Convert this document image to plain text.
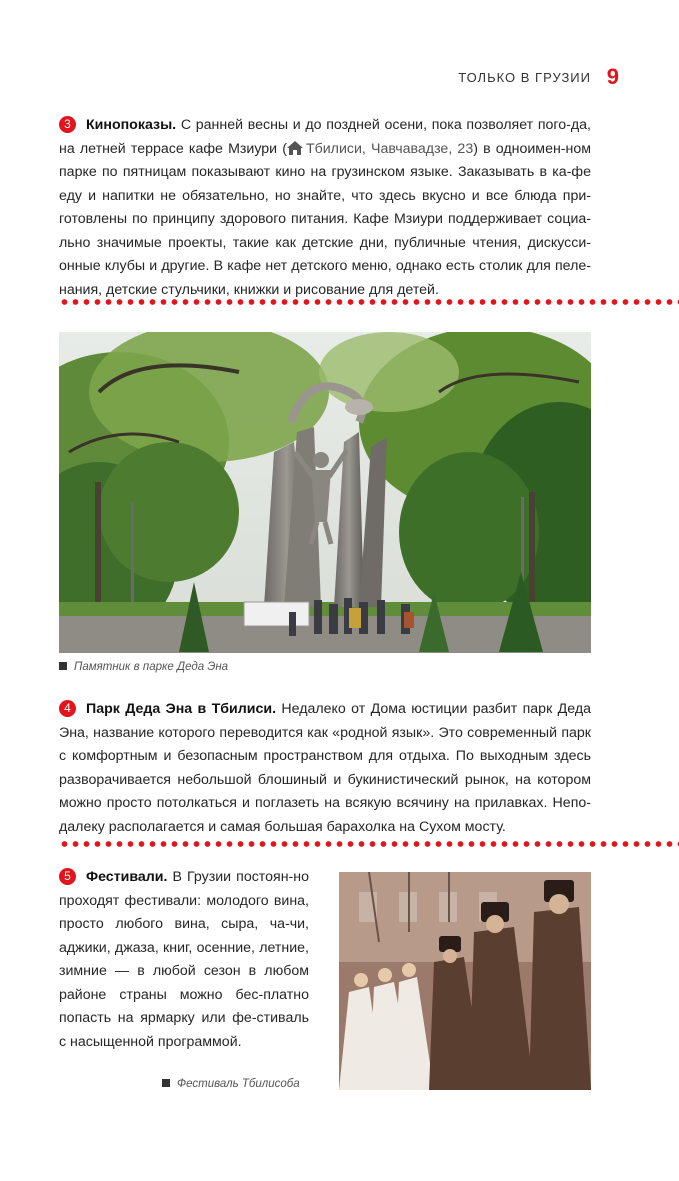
ТОЛЬКО В ГРУЗИИ 9
3 Кинопоказы. С ранней весны и до поздней осени, пока позволяет пого-да, на летней террасе кафе Мзиури ( Тбилиси, Чавчавадзе, 23) в одноимен-ном парке по пятницам показывают кино на грузинском языке. Заказывать в ка-фе еду и напитки не обязательно, но знайте, что здесь вкусно и все блюда при-готовлены по принципу здорового питания. Кафе Мзиури поддерживает социа-льно значимые проекты, такие как детские дни, публичные чтения, дискусси-онные клубы и другие. В кафе нет детского меню, однако есть столик для пеле-нания, детские стульчики, книжки и рисование для детей.
Памятник в парке Деда Эна
4 Парк Деда Эна в Тбилиси. Недалеко от Дома юстиции разбит парк Деда Эна, название которого переводится как «родной язык». Это современный парк с комфортным и безопасным пространством для отдыха. По выходным здесь разворачивается небольшой блошиный и букинистический рынок, на котором можно просто потолкаться и поглазеть на всякую всячину на прилавках. Непо-далеку располагается и самая большая барахолка на Сухом мосту.
5 Фестивали. В Грузии постоян-но проходят фестивали: молодого вина, просто любого вина, сыра, ча-чи, аджики, джаза, книг, осенние, летние, зимние — в любой сезон в любом районе страны можно бес-платно попасть на ярмарку или фе-стиваль с насыщенной программой.
Фестиваль Тбилисоба
